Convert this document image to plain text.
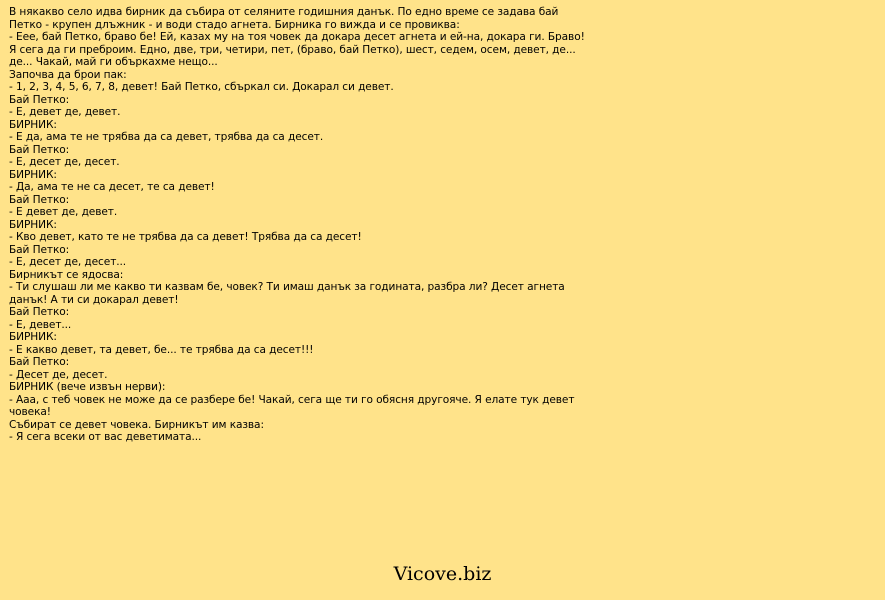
В някакво село идва бирник да събира от селяните годишния данък. По едно време се задава бай Петко - крупен длъжник - и води стадо агнета. Бирника го вижда и се провиква:
- Еее, бай Петко, браво бе! Ей, казах му на тоя човек да докара десет агнета и ей-на, докара ги. Браво! Я сега да ги преброим. Едно, две, три, четири, пет, (браво, бай Петко), шест, седем, осем, девет, де... де... Чакай, май ги объркахме нещо...
Започва да брои пак:
- 1, 2, 3, 4, 5, 6, 7, 8, девет! Бай Петко, сбъркал си. Докарал си девет.
Бай Петко:
- Е, девет де, девет.
БИРНИК:
- Е да, ама те не трябва да са девет, трябва да са десет.
Бай Петко:
- Е, десет де, десет.
БИРНИК:
- Да, ама те не са десет, те са девет!
Бай Петко:
- Е девет де, девет.
БИРНИК:
- Кво девет, като те не трябва да са девет! Трябва да са десет!
Бай Петко:
- Е, десет де, десет...
Бирникът се ядосва:
- Ти слушаш ли ме какво ти казвам бе, човек? Ти имаш данък за годината, разбра ли? Десет агнета данък! А ти си докарал девет!
Бай Петко:
- Е, девет...
БИРНИК:
- Е какво девет, та девет, бе... те трябва да са десет!!!
Бай Петко:
- Десет де, десет.
БИРНИК (вече извън нерви):
- Ааа, с теб човек не може да се разбере бе! Чакай, сега ще ти го обясня другояче. Я елате тук девет човека!
Събират се девет човека. Бирникът им казва:
- Я сега всеки от вас деветимата...
Vicove.biz
